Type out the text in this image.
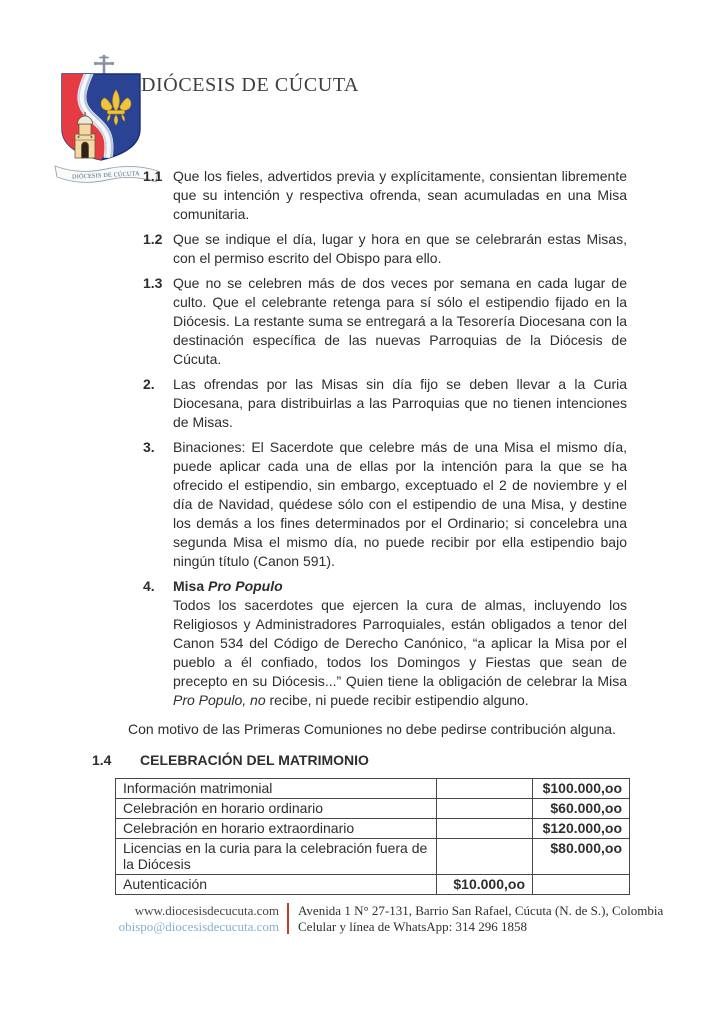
DIÓCESIS DE CÚCUTA
DIÓCESIS DE CÚCUTA
1.1 Que los fieles, advertidos previa y explícitamente, consientan libremente que su intención y respectiva ofrenda, sean acumuladas en una Misa comunitaria.
1.2 Que se indique el día, lugar y hora en que se celebrarán estas Misas, con el permiso escrito del Obispo para ello.
1.3 Que no se celebren más de dos veces por semana en cada lugar de culto. Que el celebrante retenga para sí sólo el estipendio fijado en la Diócesis. La restante suma se entregará a la Tesorería Diocesana con la destinación específica de las nuevas Parroquias de la Diócesis de Cúcuta.
2.	Las ofrendas por las Misas sin día fijo se deben llevar a la Curia Diocesana, para distribuirlas a las Parroquias que no tienen intenciones de Misas.
3.	Binaciones: El Sacerdote que celebre más de una Misa el mismo día, puede aplicar cada una de ellas por la intención para la que se ha ofrecido el estipendio, sin embargo, exceptuado el 2 de noviembre y el día de Navidad, quédese sólo con el estipendio de una Misa, y destine los demás a los fines determinados por el Ordinario; si concelebra una segunda Misa el mismo día, no puede recibir por ella estipendio bajo ningún título (Canon 591).
4.	Misa Pro Populo
Todos los sacerdotes que ejercen la cura de almas, incluyendo los Religiosos y Administradores Parroquiales, están obligados a tenor del Canon 534 del Código de Derecho Canónico, “a aplicar la Misa por el pueblo a él confiado, todos los Domingos y Fiestas que sean de precepto en su Diócesis...” Quien tiene la obligación de celebrar la Misa Pro Populo, no recibe, ni puede recibir estipendio alguno.
Con motivo de las Primeras Comuniones no debe pedirse contribución alguna.
1.4 CELEBRACIÓN DEL MATRIMONIO
Información matrimonial		$100.000,oo
Celebración en horario ordinario		$60.000,oo
Celebración en horario extraordinario		$120.000,oo
Licencias en la curia para la celebración fuera de la Diócesis		$80.000,oo
Autenticación	$10.000,oo	
www.diocesisdecucuta.com
obispo@diocesisdecucuta.com
Avenida 1 N° 27-131, Barrio San Rafael, Cúcuta (N. de S.), Colombia
Celular y línea de WhatsApp: 314 296 1858
